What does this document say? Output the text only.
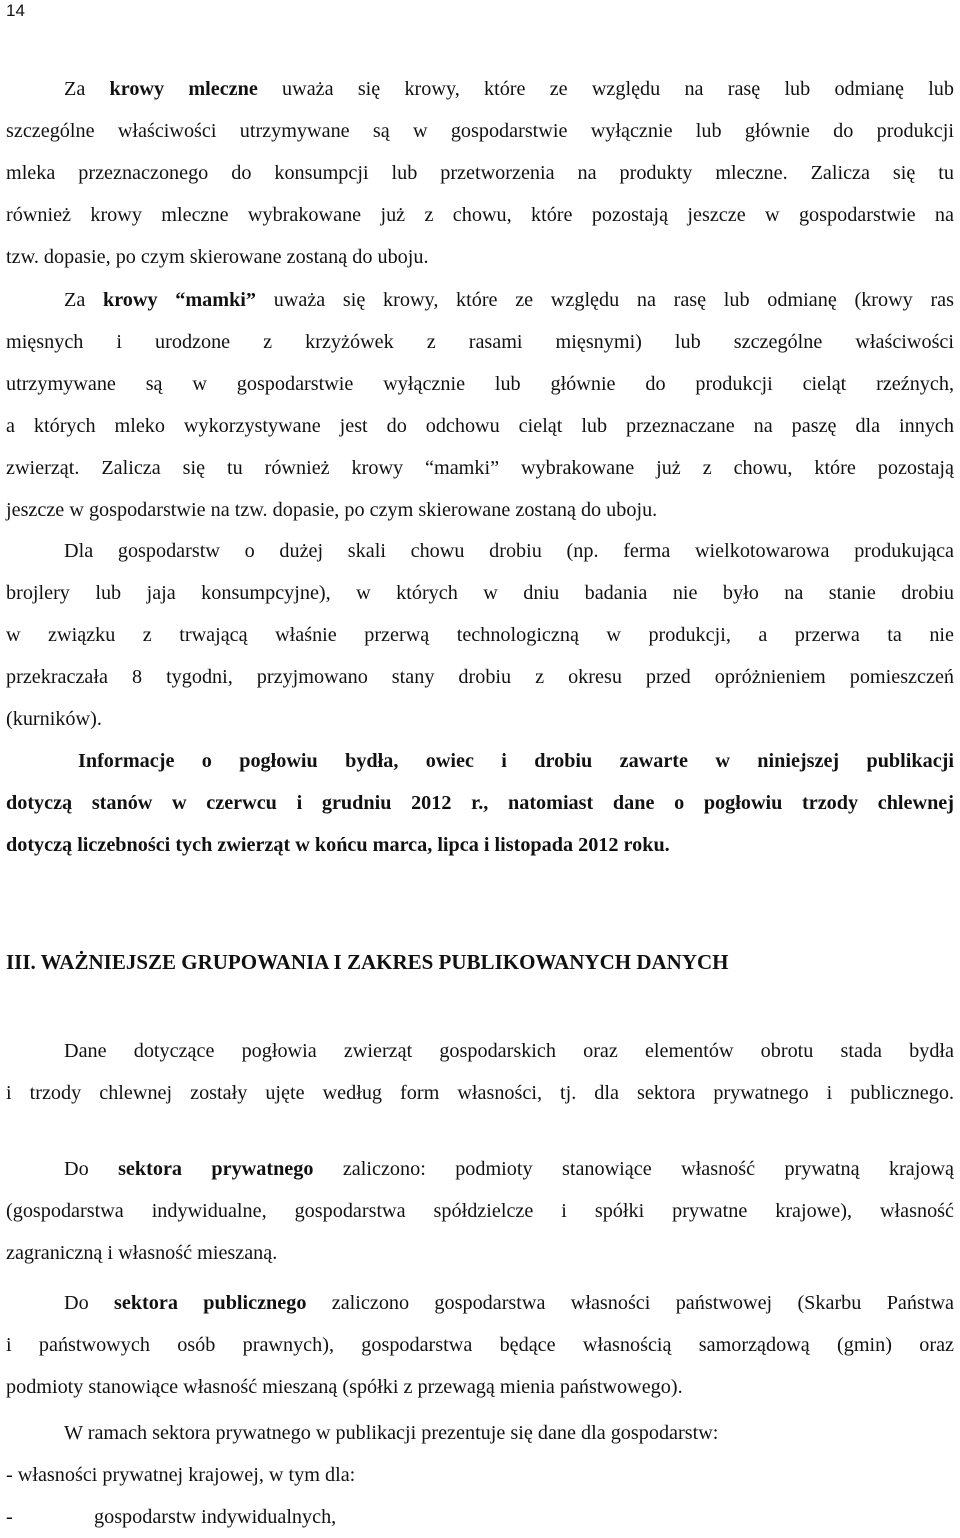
14
Za krowy mleczne uważa się krowy, które ze względu na rasę lub odmianę lub
szczególne właściwości utrzymywane są w gospodarstwie wyłącznie lub głównie do produkcji
mleka przeznaczonego do konsumpcji lub przetworzenia na produkty mleczne. Zalicza się tu
również krowy mleczne wybrakowane już z chowu, które pozostają jeszcze w gospodarstwie na
tzw. dopasie, po czym skierowane zostaną do uboju.
Za krowy “mamki” uważa się krowy, które ze względu na rasę lub odmianę (krowy ras
mięsnych i urodzone z krzyżówek z rasami mięsnymi) lub szczególne właściwości
utrzymywane są w gospodarstwie wyłącznie lub głównie do produkcji cieląt rzeźnych,
a których mleko wykorzystywane jest do odchowu cieląt lub przeznaczane na paszę dla innych
zwierząt. Zalicza się tu również krowy “mamki” wybrakowane już z chowu, które pozostają
jeszcze w gospodarstwie na tzw. dopasie, po czym skierowane zostaną do uboju.
Dla gospodarstw o dużej skali chowu drobiu (np. ferma wielkotowarowa produkująca
brojlery lub jaja konsumpcyjne), w których w dniu badania nie było na stanie drobiu
w związku z trwającą właśnie przerwą technologiczną w produkcji, a przerwa ta nie
przekraczała 8 tygodni, przyjmowano stany drobiu z okresu przed opróżnieniem pomieszczeń
(kurników).
Informacje o pogłowiu bydła, owiec i drobiu zawarte w niniejszej publikacji
dotyczą stanów w czerwcu i grudniu 2012 r., natomiast dane o pogłowiu trzody chlewnej
dotyczą liczebności tych zwierząt w końcu marca, lipca i listopada 2012 roku.
III. WAŻNIEJSZE GRUPOWANIA I ZAKRES PUBLIKOWANYCH DANYCH
Dane dotyczące pogłowia zwierząt gospodarskich oraz elementów obrotu stada bydła
i trzody chlewnej zostały ujęte według form własności, tj. dla sektora prywatnego i publicznego.
Do sektora prywatnego zaliczono: podmioty stanowiące własność prywatną krajową
(gospodarstwa indywidualne, gospodarstwa spółdzielcze i spółki prywatne krajowe), własność
zagraniczną i własność mieszaną.
Do sektora publicznego zaliczono gospodarstwa własności państwowej (Skarbu Państwa
i państwowych osób prawnych), gospodarstwa będące własnością samorządową (gmin) oraz
podmioty stanowiące własność mieszaną (spółki z przewagą mienia państwowego).
W ramach sektora prywatnego w publikacji prezentuje się dane dla gospodarstw:
- własności prywatnej krajowej, w tym dla:
-	gospodarstw indywidualnych,
